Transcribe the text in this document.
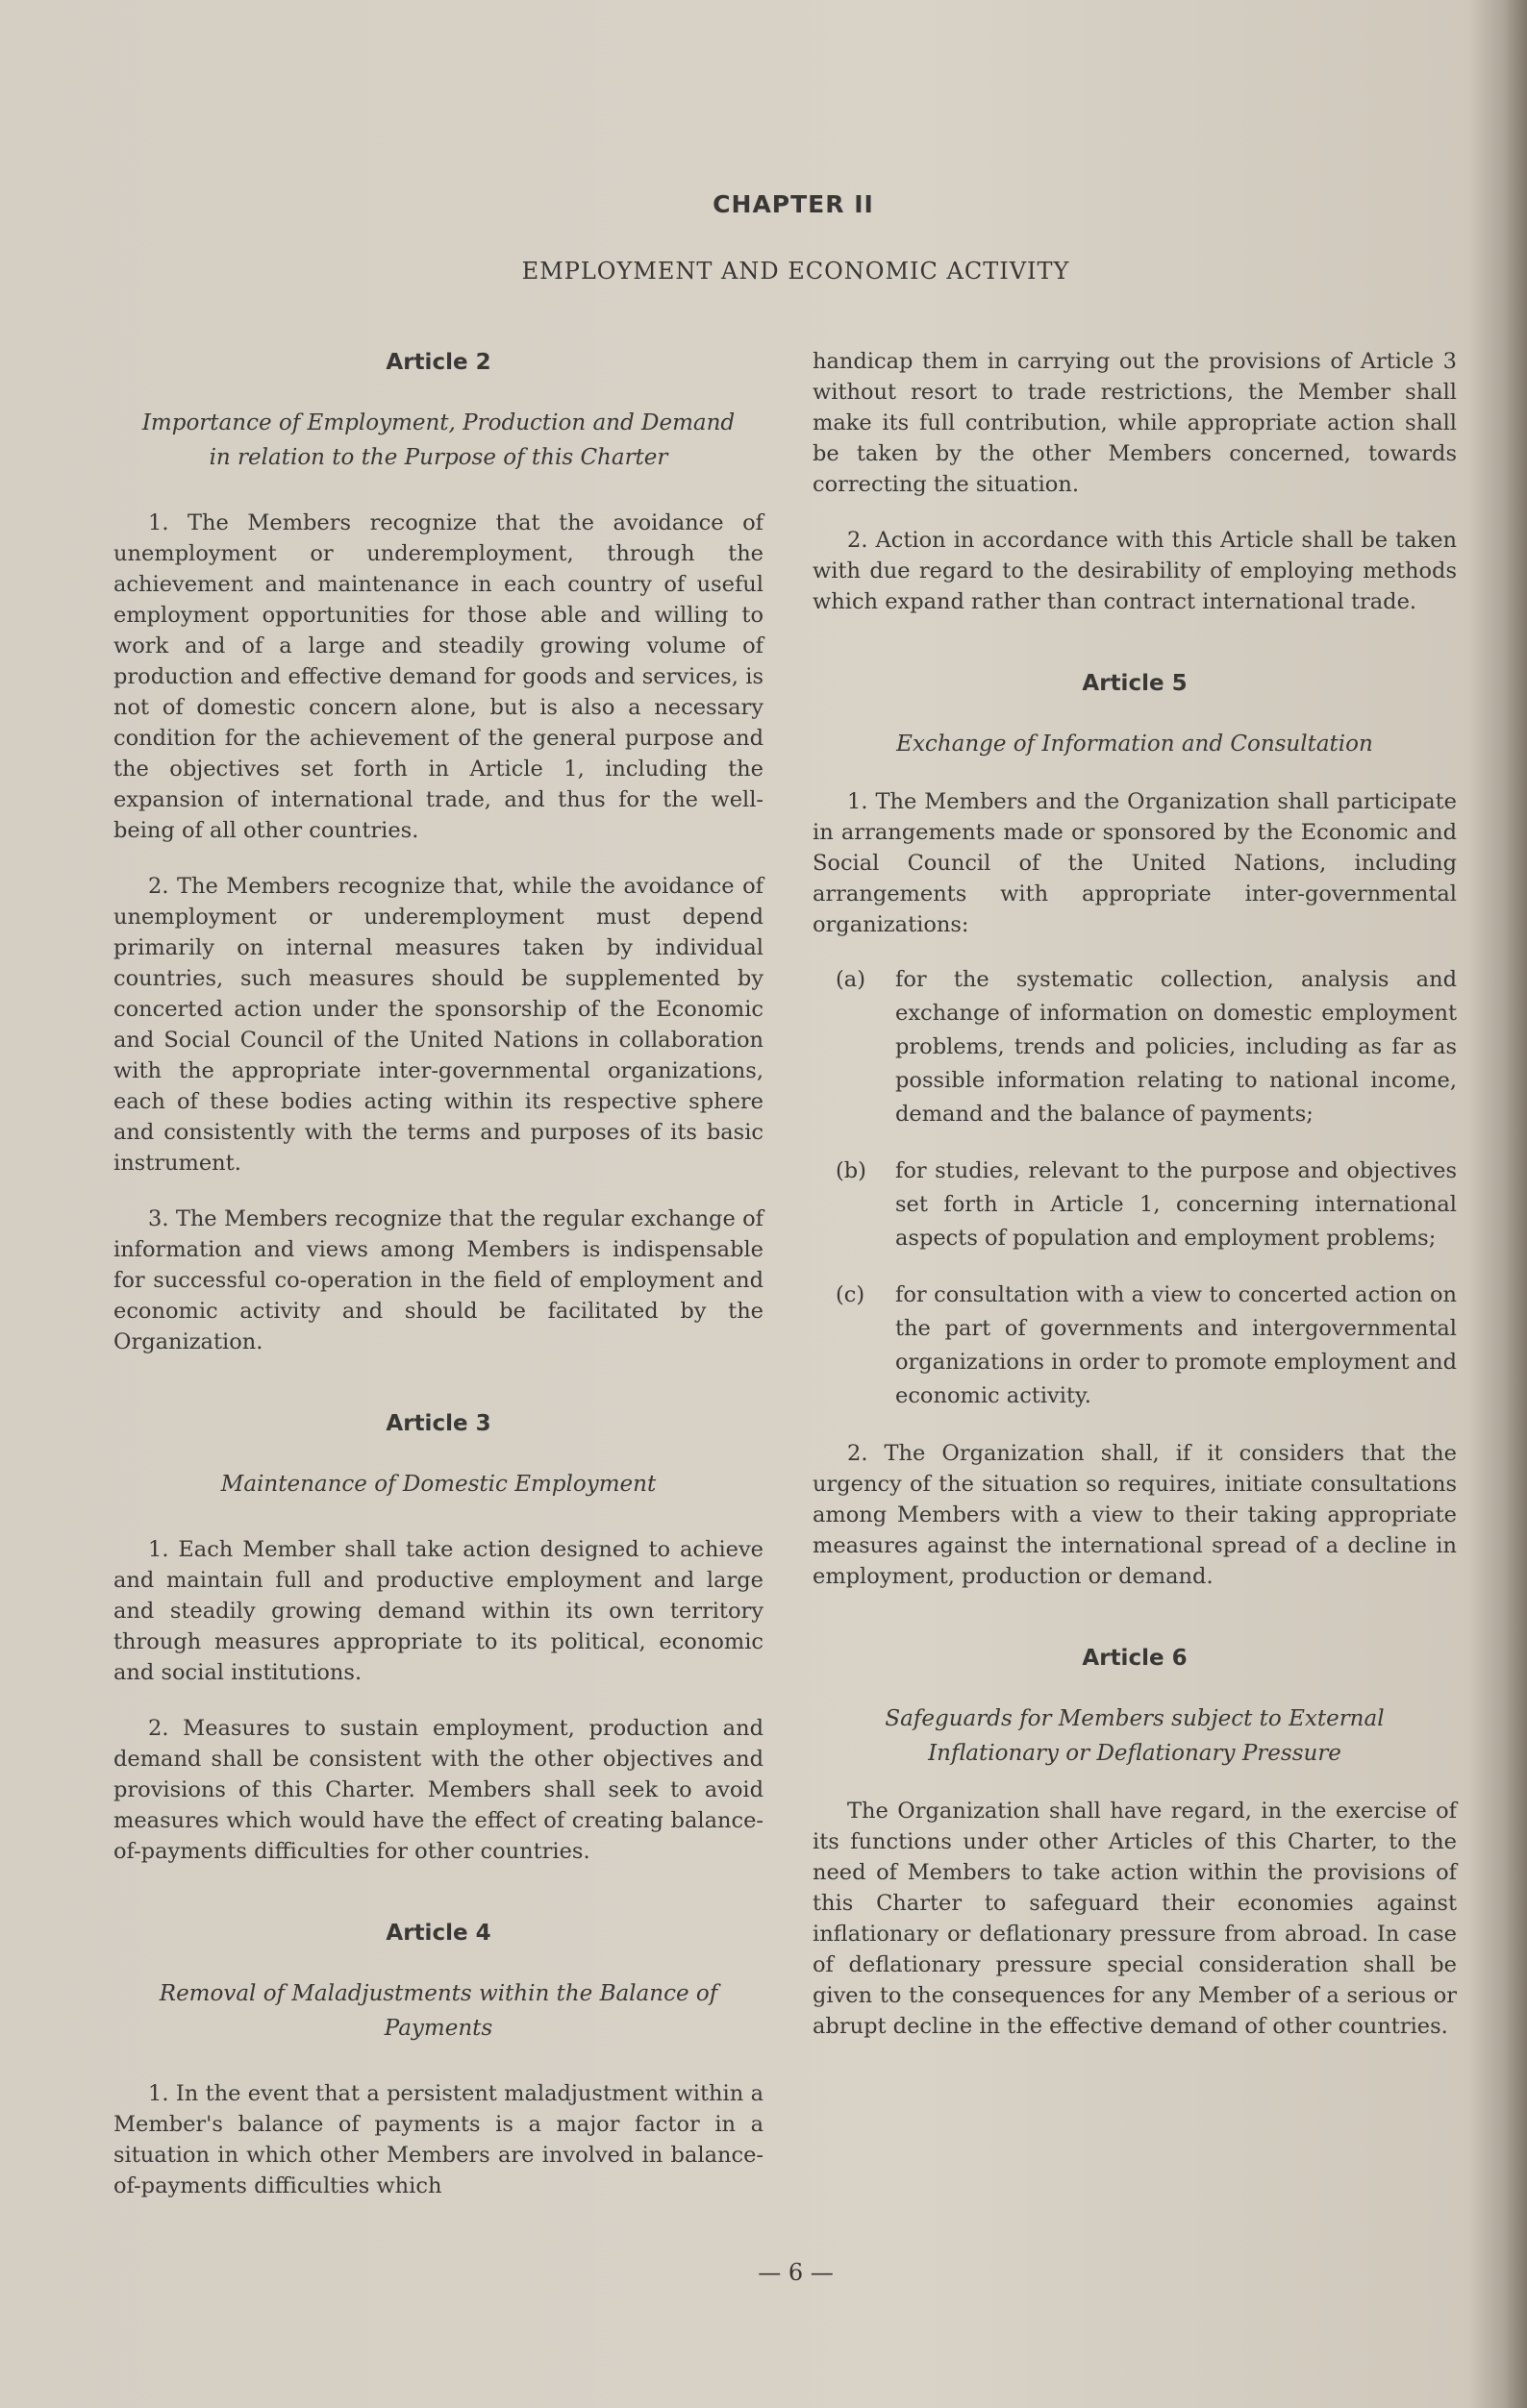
CHAPTER II
EMPLOYMENT AND ECONOMIC ACTIVITY
Article 2
Importance of Employment, Production and Demand in relation to the Purpose of this Charter

1. The Members recognize that the avoidance of unemployment or underemployment, through the achievement and maintenance in each country of useful employment opportunities for those able and willing to work and of a large and steadily growing volume of production and effective demand for goods and services, is not of domestic concern alone, but is also a necessary condition for the achievement of the general purpose and the objectives set forth in Article 1, including the expansion of international trade, and thus for the well-being of all other countries.

2. The Members recognize that, while the avoidance of unemployment or underemployment must depend primarily on internal measures taken by individual countries, such measures should be supplemented by concerted action under the sponsorship of the Economic and Social Council of the United Nations in collaboration with the appropriate inter-governmental organizations, each of these bodies acting within its respective sphere and consistently with the terms and purposes of its basic instrument.

3. The Members recognize that the regular exchange of information and views among Members is indispensable for successful co-operation in the field of employment and economic activity and should be facilitated by the Organization.

Article 3
Maintenance of Domestic Employment

1. Each Member shall take action designed to achieve and maintain full and productive employment and large and steadily growing demand within its own territory through measures appropriate to its political, economic and social institutions.

2. Measures to sustain employment, production and demand shall be consistent with the other objectives and provisions of this Charter. Members shall seek to avoid measures which would have the effect of creating balance-of-payments difficulties for other countries.

Article 4
Removal of Maladjustments within the Balance of Payments

1. In the event that a persistent maladjustment within a Member's balance of payments is a major factor in a situation in which other Members are involved in balance-of-payments difficulties which

handicap them in carrying out the provisions of Article 3 without resort to trade restrictions, the Member shall make its full contribution, while appropriate action shall be taken by the other Members concerned, towards correcting the situation.

2. Action in accordance with this Article shall be taken with due regard to the desirability of employing methods which expand rather than contract international trade.

Article 5
Exchange of Information and Consultation

1. The Members and the Organization shall participate in arrangements made or sponsored by the Economic and Social Council of the United Nations, including arrangements with appropriate inter-governmental organizations:

(a)	for the systematic collection, analysis and exchange of information on domestic employment problems, trends and policies, including as far as possible information relating to national income, demand and the balance of payments;
(b)	for studies, relevant to the purpose and objectives set forth in Article 1, concerning international aspects of population and employment problems;
(c)	for consultation with a view to concerted action on the part of governments and intergovernmental organizations in order to promote employment and economic activity.

2. The Organization shall, if it considers that the urgency of the situation so requires, initiate consultations among Members with a view to their taking appropriate measures against the international spread of a decline in employment, production or demand.

Article 6
Safeguards for Members subject to External Inflationary or Deflationary Pressure

The Organization shall have regard, in the exercise of its functions under other Articles of this Charter, to the need of Members to take action within the provisions of this Charter to safeguard their economies against inflationary or deflationary pressure from abroad. In case of deflationary pressure special consideration shall be given to the consequences for any Member of a serious or abrupt decline in the effective demand of other countries.

— 6 —
